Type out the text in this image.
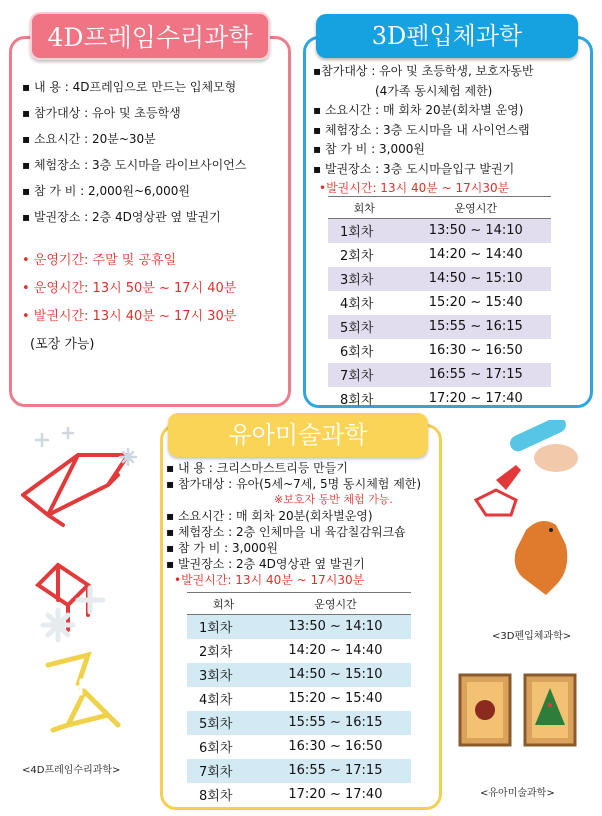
4D프레임수리과학
▪ 내 용 : 4D프레임으로 만드는 입체모형
▪ 참가대상 : 유아 및 초등학생
▪ 소요시간 : 20분~30분
▪ 체험장소 : 3층 도시마을 라이브사이언스
▪ 참 가 비 : 2,000원~6,000원
▪ 발권장소 : 2층 4D영상관 옆 발권기
• 운영기간: 주말 및 공휴일
• 운영시간: 13시 50분 ~ 17시 40분
• 발권시간: 13시 40분 ~ 17시 30분
(포장 가능)
3D펜입체과학
▪참가대상 : 유아 및 초등학생, 보호자동반
(4가족 동시체험 제한)
▪ 소요시간 : 매 회차 20분(회차별 운영)
▪ 체험장소 : 3층 도시마을 내 사이언스랩
▪ 참 가 비 : 3,000원
▪ 발권장소 : 3층 도시마을입구 발권기
•발권시간: 13시 40분 ~ 17시30분
회차	운영시간
1회차	13:50 ~ 14:10
2회차	14:20 ~ 14:40
3회차	14:50 ~ 15:10
4회차	15:20 ~ 15:40
5회차	15:55 ~ 16:15
6회차	16:30 ~ 16:50
7회차	16:55 ~ 17:15
8회차	17:20 ~ 17:40
유아미술과학
▪ 내 용 : 크리스마스트리등 만들기
▪ 참가대상 : 유아(5세~7세, 5명 동시체험 제한)
※보호자 동반 체험 가능.
▪ 소요시간 : 매 회차 20분(회차별운영)
▪ 체험장소 : 2층 인체마을 내 육감칠감워크숍
▪ 참 가 비 : 3,000원
▪ 발권장소 : 2층 4D영상관 옆 발권기
•발권시간: 13시 40분 ~ 17시30분
회차	운영시간
1회차	13:50 ~ 14:10
2회차	14:20 ~ 14:40
3회차	14:50 ~ 15:10
4회차	15:20 ~ 15:40
5회차	15:55 ~ 16:15
6회차	16:30 ~ 16:50
7회차	16:55 ~ 17:15
8회차	17:20 ~ 17:40
<4D프레임수리과학>
<3D펜입체과학>
<유아미술과학>
